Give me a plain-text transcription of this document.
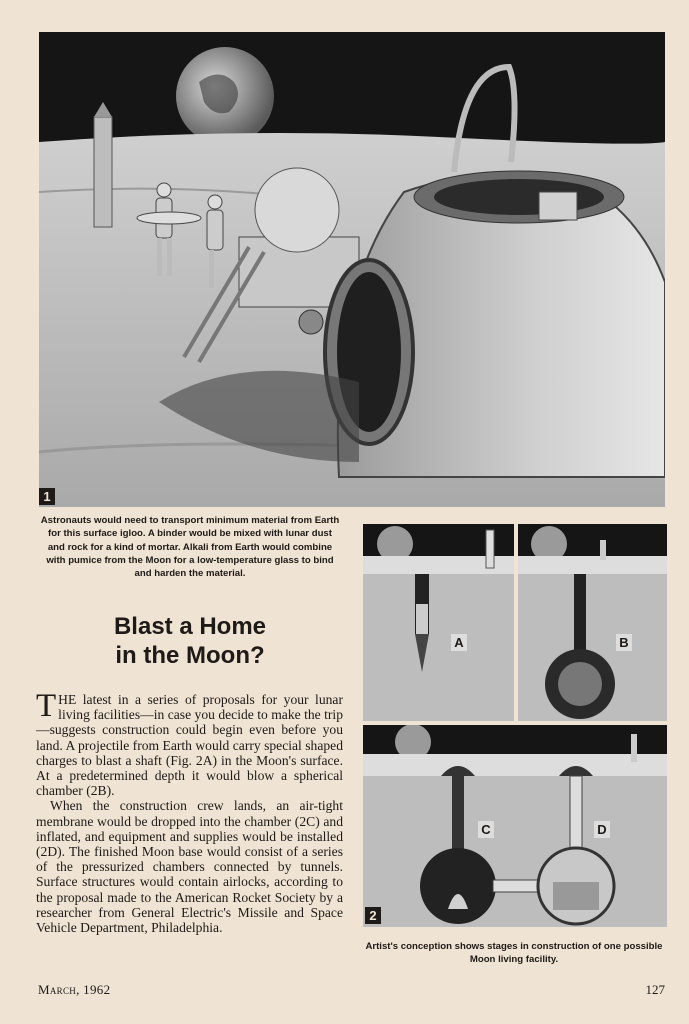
1
Astronauts would need to transport minimum material from Earth for this surface igloo. A binder would be mixed with lunar dust and rock for a kind of mortar. Alkali from Earth would combine with pumice from the Moon for a low-temperature glass to bind and harden the material.
Blast a Home
in the Moon?

THE latest in a series of proposals for your lunar living facilities—in case you decide to make the trip—suggests construction could begin even before you land. A projectile from Earth would carry special shaped charges to blast a shaft (Fig. 2A) in the Moon's surface. At a predetermined depth it would blow a spherical chamber (2B).

When the construction crew lands, an air-tight membrane would be dropped into the chamber (2C) and inflated, and equipment and supplies would be installed (2D). The finished Moon base would consist of a series of the pressurized chambers connected by tunnels. Surface structures would contain airlocks, according to the proposal made to the American Rocket Society by a researcher from General Electric's Missile and Space Vehicle Department, Philadelphia.

2
A	B
C	D
Artist's conception shows stages in construction of one possible Moon living facility.
March, 1962	127
